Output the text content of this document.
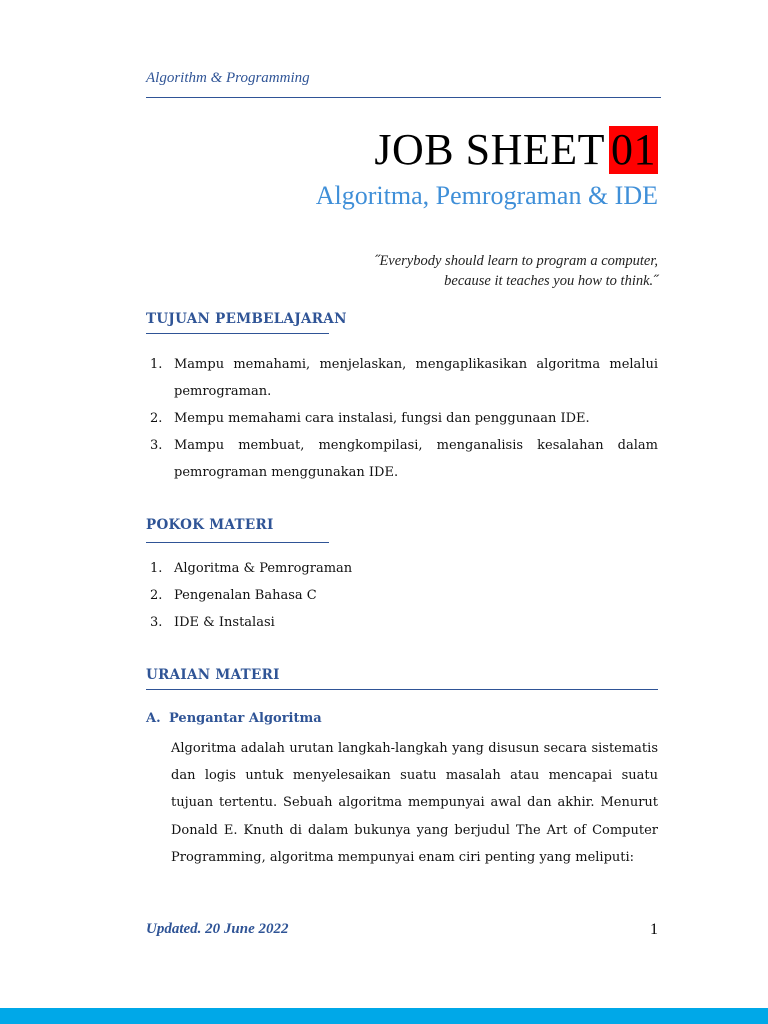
Algorithm & Programming
JOB SHEET 01
Algoritma, Pemrograman & IDE
˝Everybody should learn to program a computer,
because it teaches you how to think.˝
TUJUAN PEMBELAJARAN
1. Mampu memahami, menjelaskan, mengaplikasikan algoritma melalui pemrograman.
2. Mempu memahami cara instalasi, fungsi dan penggunaan IDE.
3. Mampu membuat, mengkompilasi, menganalisis kesalahan dalam pemrograman menggunakan IDE.
POKOK MATERI
1. Algoritma & Pemrograman
2. Pengenalan Bahasa C
3. IDE & Instalasi
URAIAN MATERI
A. Pengantar Algoritma
Algoritma adalah urutan langkah-langkah yang disusun secara sistematis dan logis untuk menyelesaikan suatu masalah atau mencapai suatu tujuan tertentu. Sebuah algoritma mempunyai awal dan akhir. Menurut Donald E. Knuth di dalam bukunya yang berjudul The Art of Computer Programming, algoritma mempunyai enam ciri penting yang meliputi:
Updated. 20 June 2022	1
